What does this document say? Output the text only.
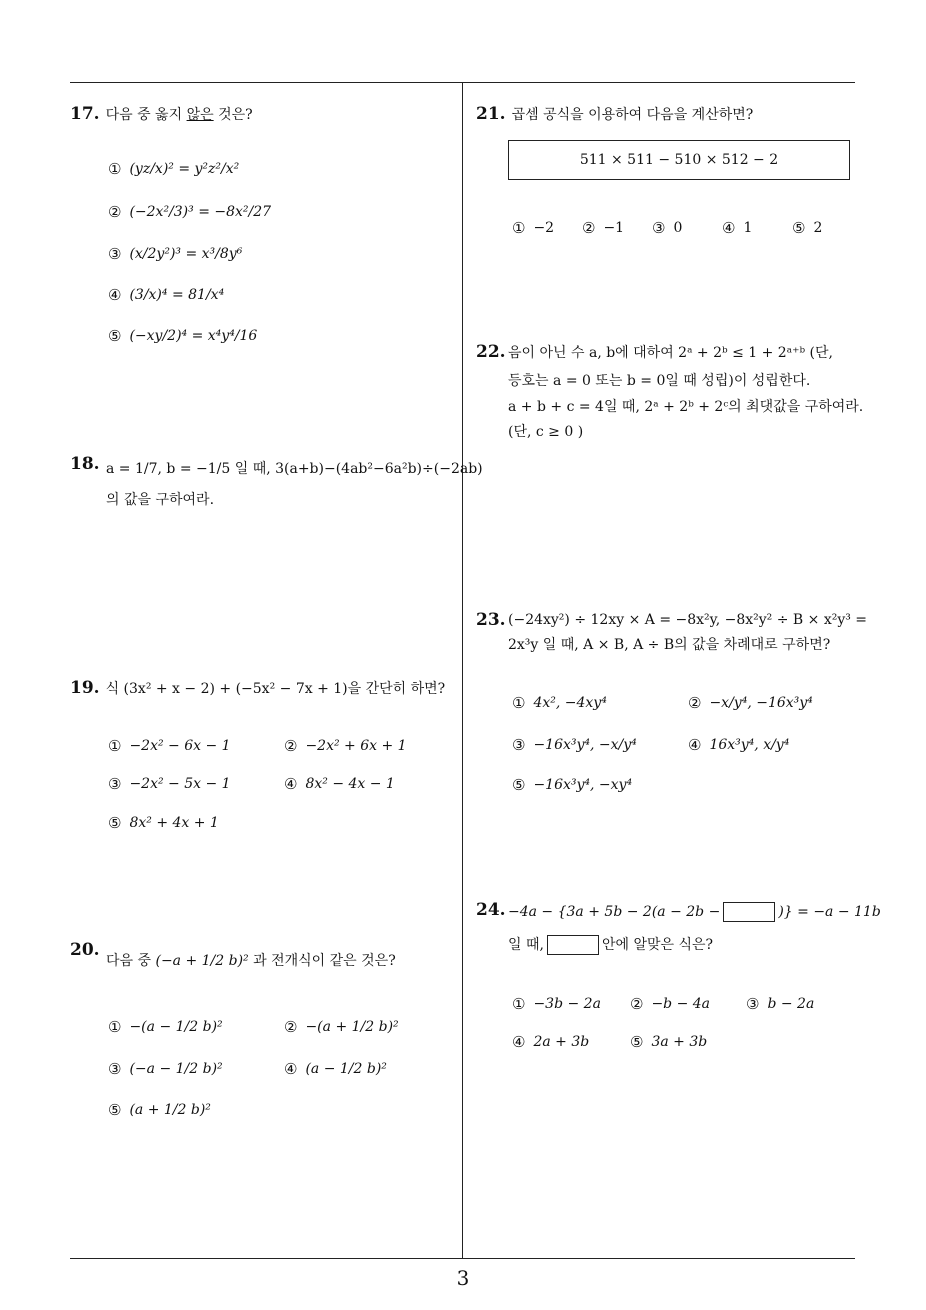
3
17. 다음 중 옳지 않은 것은?
① (yz/x)² = y²z²/x²
② (−2x²/3)³ = −8x²/27
③ (x/2y²)³ = x³/8y⁶
④ (3/x)⁴ = 81/x⁴
⑤ (−xy/2)⁴ = x⁴y⁴/16
18. a = 1/7, b = −1/5 일 때, 3(a+b)−(4ab²−6a²b)÷(−2ab)
의 값을 구하여라.
19. 식 (3x² + x − 2) + (−5x² − 7x + 1)을 간단히 하면?
① −2x² − 6x − 1	② −2x² + 6x + 1
③ −2x² − 5x − 1	④ 8x² − 4x − 1
⑤ 8x² + 4x + 1
20.
다음 중 (−a + 1/2 b)² 과 전개식이 같은 것은?
① −(a − 1/2 b)²	② −(a + 1/2 b)²
③ (−a − 1/2 b)²	④ (a − 1/2 b)²
⑤ (a + 1/2 b)²
21. 곱셈 공식을 이용하여 다음을 계산하면?
511 × 511 − 510 × 512 − 2
① −2 ② −1 ③ 0	④ 1	⑤ 2
22. 음이 아닌 수 a, b에 대하여 2ᵃ + 2ᵇ ≤ 1 + 2ᵃ⁺ᵇ (단,
등호는 a = 0 또는 b = 0일 때 성립)이 성립한다.
a + b + c = 4일 때, 2ᵃ + 2ᵇ + 2ᶜ의 최댓값을 구하여라.
(단, c ≥ 0 )
23. (−24xy²) ÷ 12xy × A = −8x²y, −8x²y² ÷ B × x²y³ =
2x³y 일 때, A × B, A ÷ B의 값을 차례대로 구하면?
① 4x², −4xy⁴	② −x/y⁴, −16x³y⁴
③ −16x³y⁴, −x/y⁴	④ 16x³y⁴, x/y⁴
⑤ −16x³y⁴, −xy⁴
24. −4a − {3a + 5b − 2(a − 2b −	)} = −a − 11b
일 때,	안에 알맞은 식은?
① −3b − 2a ② −b − 4a ③ b − 2a
④ 2a + 3b	⑤ 3a + 3b
